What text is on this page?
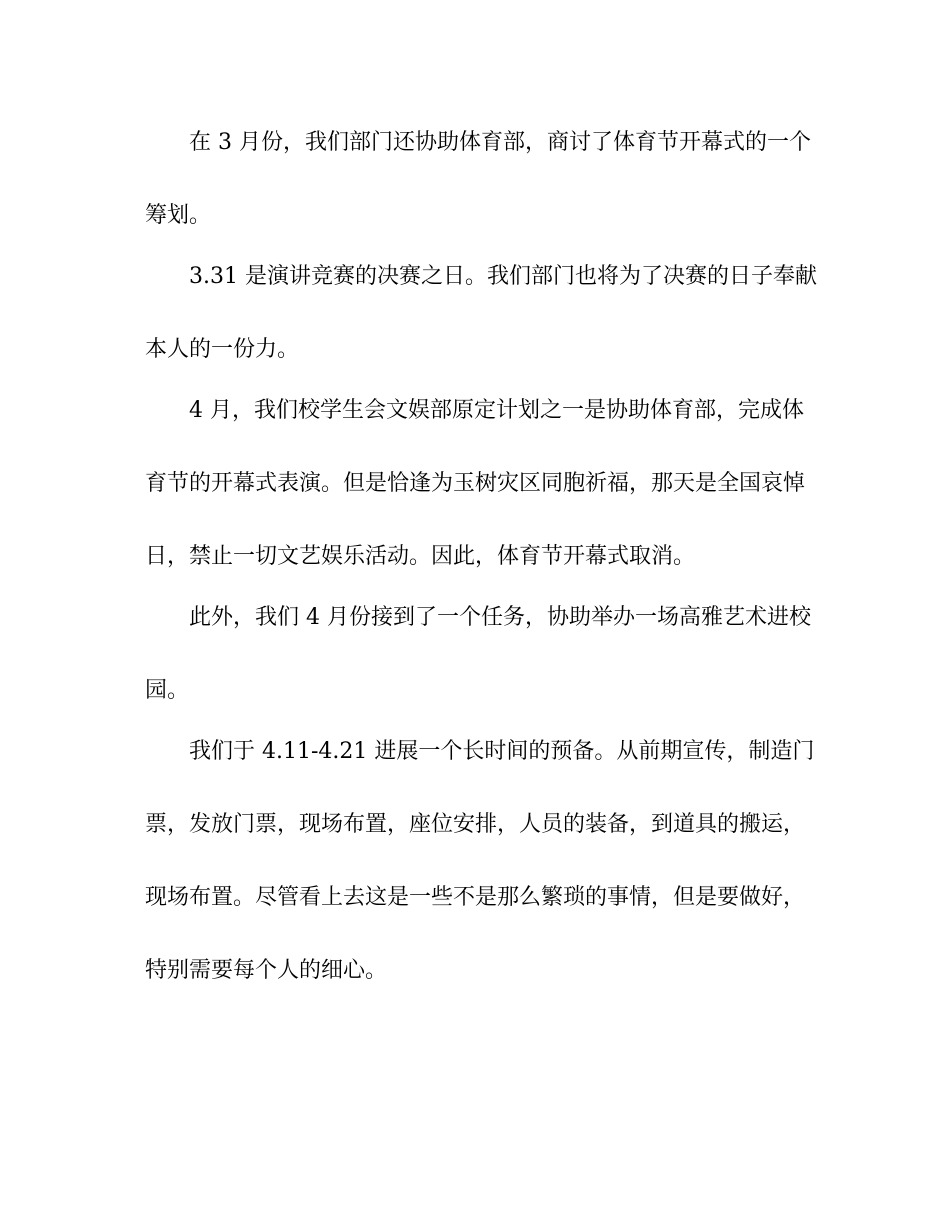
在 3 月份，我们部门还协助体育部，商讨了体育节开幕式的一个
筹划。
3.31 是演讲竞赛的决赛之日。我们部门也将为了决赛的日子奉献
本人的一份力。
4 月，我们校学生会文娱部原定计划之一是协助体育部，完成体
育节的开幕式表演。但是恰逢为玉树灾区同胞祈福，那天是全国哀悼
日，禁止一切文艺娱乐活动。因此，体育节开幕式取消。
此外，我们 4 月份接到了一个任务，协助举办一场高雅艺术进校
园。
我们于 4.11-4.21 进展一个长时间的预备。从前期宣传，制造门
票，发放门票，现场布置，座位安排，人员的装备，到道具的搬运，
现场布置。尽管看上去这是一些不是那么繁琐的事情，但是要做好，
特别需要每个人的细心。
